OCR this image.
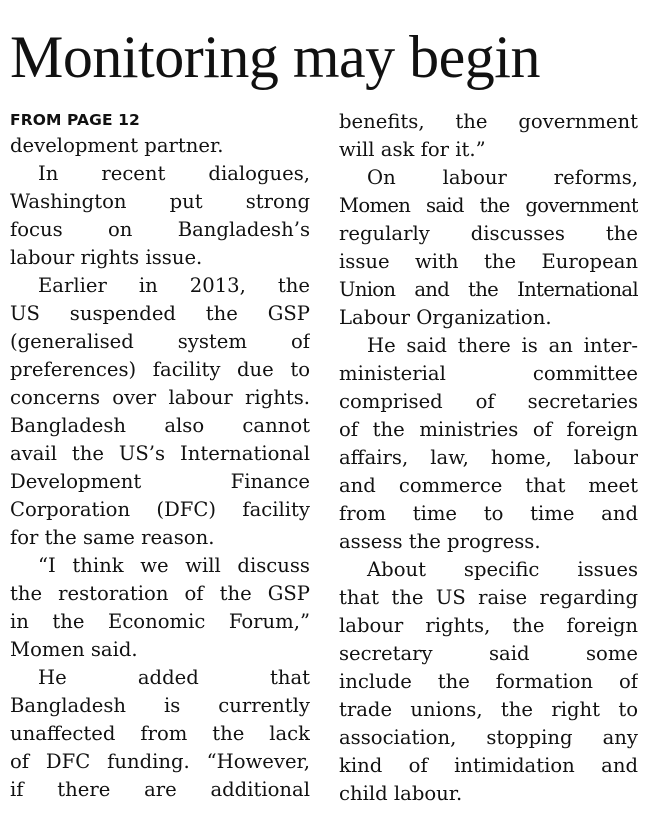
Monitoring may begin
FROM PAGE 12
development partner.
In recent dialogues,
Washington put strong
focus on Bangladesh’s
labour rights issue.
Earlier in 2013, the
US suspended the GSP
(generalised system of
preferences) facility due to
concerns over labour rights.
Bangladesh also cannot
avail the US’s International
Development Finance
Corporation (DFC) facility
for the same reason.
“I think we will discuss
the restoration of the GSP
in the Economic Forum,”
Momen said.
He added that
Bangladesh is currently
unaffected from the lack
of DFC funding. “However,
if there are additional
benefits, the government
will ask for it.”
On labour reforms,
Momen said the government
regularly discusses the
issue with the European
Union and the International
Labour Organization.
He said there is an inter-
ministerial committee
comprised of secretaries
of the ministries of foreign
affairs, law, home, labour
and commerce that meet
from time to time and
assess the progress.
About specific issues
that the US raise regarding
labour rights, the foreign
secretary said some
include the formation of
trade unions, the right to
association, stopping any
kind of intimidation and
child labour.
